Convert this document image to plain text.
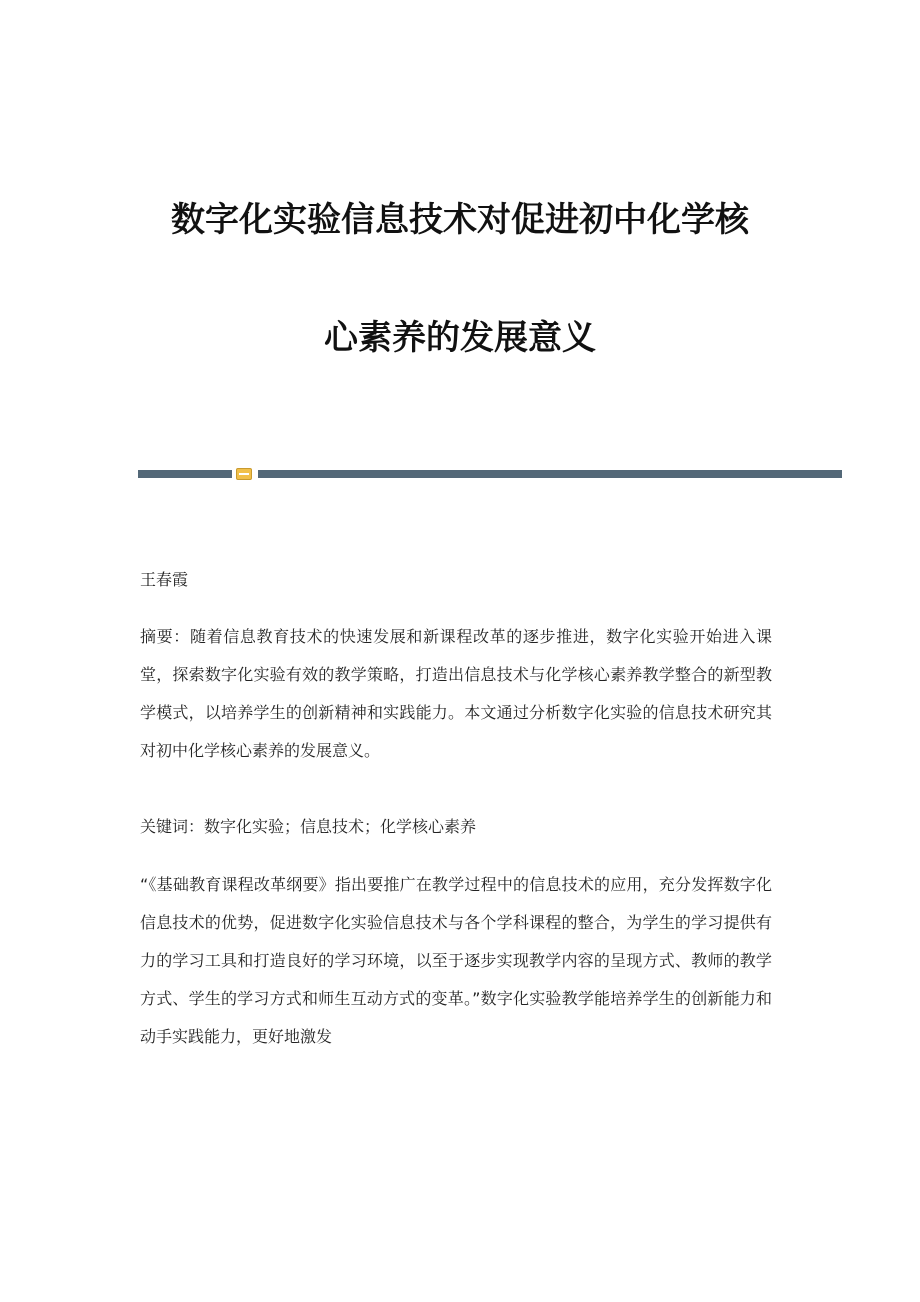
数字化实验信息技术对促进初中化学核
心素养的发展意义
王春霞
摘要：随着信息教育技术的快速发展和新课程改革的逐步推进，数字化实验开始进入课堂，探索数字化实验有效的教学策略，打造出信息技术与化学核心素养教学整合的新型教学模式，以培养学生的创新精神和实践能力。本文通过分析数字化实验的信息技术研究其对初中化学核心素养的发展意义。
关键词：数字化实验；信息技术；化学核心素养
“《基础教育课程改革纲要》指出要推广在教学过程中的信息技术的应用，充分发挥数字化信息技术的优势，促进数字化实验信息技术与各个学科课程的整合，为学生的学习提供有力的学习工具和打造良好的学习环境，以至于逐步实现教学内容的呈现方式、教师的教学方式、学生的学习方式和师生互动方式的变革。”数字化实验教学能培养学生的创新能力和动手实践能力，更好地激发
